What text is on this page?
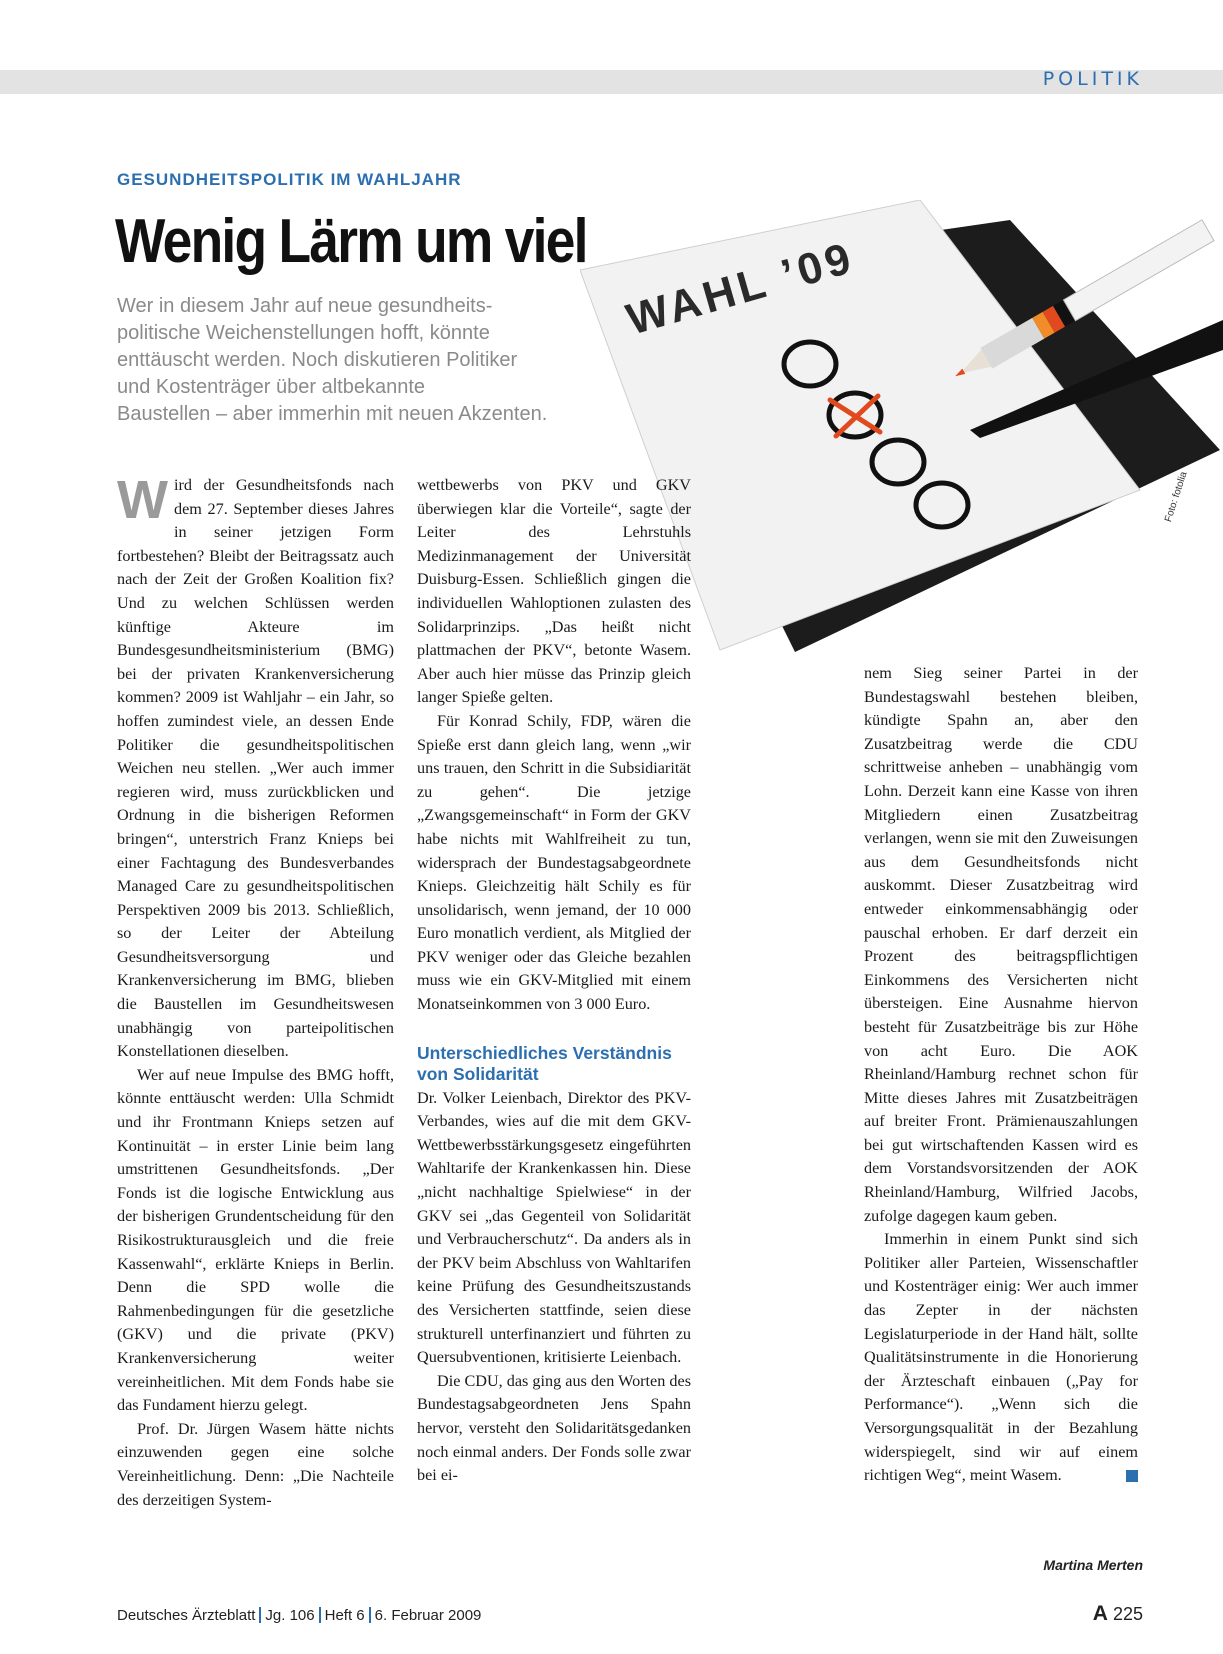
POLITIK
GESUNDHEITSPOLITIK IM WAHLJAHR
Wenig Lärm um viel
Wer in diesem Jahr auf neue gesundheits-
politische Weichenstellungen hofft, könnte
enttäuscht werden. Noch diskutieren Politiker
und Kostenträger über altbekannte
Baustellen – aber immerhin mit neuen Akzenten.
WAHL ’09
Foto: fotolia

Wird der Gesundheitsfonds nach dem 27. September dieses Jahres in seiner jetzigen Form fortbestehen? Bleibt der Beitragssatz auch nach der Zeit der Großen Koalition fix? Und zu welchen Schlüssen werden künftige Akteure im Bundesgesundheitsministerium (BMG) bei der privaten Krankenversicherung kommen? 2009 ist Wahljahr – ein Jahr, so hoffen zumindest viele, an dessen Ende Politiker die gesundheitspolitischen Weichen neu stellen. „Wer auch immer regieren wird, muss zurückblicken und Ordnung in die bisherigen Reformen bringen“, unterstrich Franz Knieps bei einer Fachtagung des Bundesverbandes Managed Care zu gesundheitspolitischen Perspektiven 2009 bis 2013. Schließlich, so der Leiter der Abteilung Gesundheitsversorgung und Krankenversicherung im BMG, blieben die Baustellen im Gesundheitswesen unabhängig von parteipolitischen Konstellationen dieselben.

Wer auf neue Impulse des BMG hofft, könnte enttäuscht werden: Ulla Schmidt und ihr Frontmann Knieps setzen auf Kontinuität – in erster Linie beim lang umstrittenen Gesundheitsfonds. „Der Fonds ist die logische Entwicklung aus der bisherigen Grundentscheidung für den Risikostrukturausgleich und die freie Kassenwahl“, erklärte Knieps in Berlin. Denn die SPD wolle die Rahmenbedingungen für die gesetzliche (GKV) und die private (PKV) Krankenversicherung weiter vereinheitlichen. Mit dem Fonds habe sie das Fundament hierzu gelegt.

Prof. Dr. Jürgen Wasem hätte nichts einzuwenden gegen eine solche Vereinheitlichung. Denn: „Die Nachteile des derzeitigen System-

wettbewerbs von PKV und GKV überwiegen klar die Vorteile“, sagte der Leiter des Lehrstuhls Medizinmanagement der Universität Duisburg-Essen. Schließlich gingen die individuellen Wahloptionen zulasten des Solidarprinzips. „Das heißt nicht plattmachen der PKV“, betonte Wasem. Aber auch hier müsse das Prinzip gleich langer Spieße gelten.

Für Konrad Schily, FDP, wären die Spieße erst dann gleich lang, wenn „wir uns trauen, den Schritt in die Subsidiarität zu gehen“. Die jetzige „Zwangsgemeinschaft“ in Form der GKV habe nichts mit Wahlfreiheit zu tun, widersprach der Bundestagsabgeordnete Knieps. Gleichzeitig hält Schily es für unsolidarisch, wenn jemand, der 10 000 Euro monatlich verdient, als Mitglied der PKV weniger oder das Gleiche bezahlen muss wie ein GKV-Mitglied mit einem Monatseinkommen von 3 000 Euro.

Unterschiedliches Verständnis von Solidarität

Dr. Volker Leienbach, Direktor des PKV-Verbandes, wies auf die mit dem GKV-Wettbewerbsstärkungsgesetz eingeführten Wahltarife der Krankenkassen hin. Diese „nicht nachhaltige Spielwiese“ in der GKV sei „das Gegenteil von Solidarität und Verbraucherschutz“. Da anders als in der PKV beim Abschluss von Wahltarifen keine Prüfung des Gesundheitszustands des Versicherten stattfinde, seien diese strukturell unterfinanziert und führten zu Quersubventionen, kritisierte Leienbach.

Die CDU, das ging aus den Worten des Bundestagsabgeordneten Jens Spahn hervor, versteht den Solidaritätsgedanken noch einmal anders. Der Fonds solle zwar bei ei-

nem Sieg seiner Partei in der Bundestagswahl bestehen bleiben, kündigte Spahn an, aber den Zusatzbeitrag werde die CDU schrittweise anheben – unabhängig vom Lohn. Derzeit kann eine Kasse von ihren Mitgliedern einen Zusatzbeitrag verlangen, wenn sie mit den Zuweisungen aus dem Gesundheitsfonds nicht auskommt. Dieser Zusatzbeitrag wird entweder einkommensabhängig oder pauschal erhoben. Er darf derzeit ein Prozent des beitragspflichtigen Einkommens des Versicherten nicht übersteigen. Eine Ausnahme hiervon besteht für Zusatzbeiträge bis zur Höhe von acht Euro. Die AOK Rheinland/Hamburg rechnet schon für Mitte dieses Jahres mit Zusatzbeiträgen auf breiter Front. Prämienauszahlungen bei gut wirtschaftenden Kassen wird es dem Vorstandsvorsitzenden der AOK Rheinland/Hamburg, Wilfried Jacobs, zufolge dagegen kaum geben.

Immerhin in einem Punkt sind sich Politiker aller Parteien, Wissenschaftler und Kostenträger einig: Wer auch immer das Zepter in der nächsten Legislaturperiode in der Hand hält, sollte Qualitätsinstrumente in die Honorierung der Ärzteschaft einbauen („Pay for Performance“). „Wenn sich die Versorgungsqualität in der Bezahlung widerspiegelt, sind wir auf einem richtigen Weg“, meint Wasem.

Martina Merten
Deutsches Ärzteblatt Jg. 106 Heft 6 6. Februar 2009	A 225
